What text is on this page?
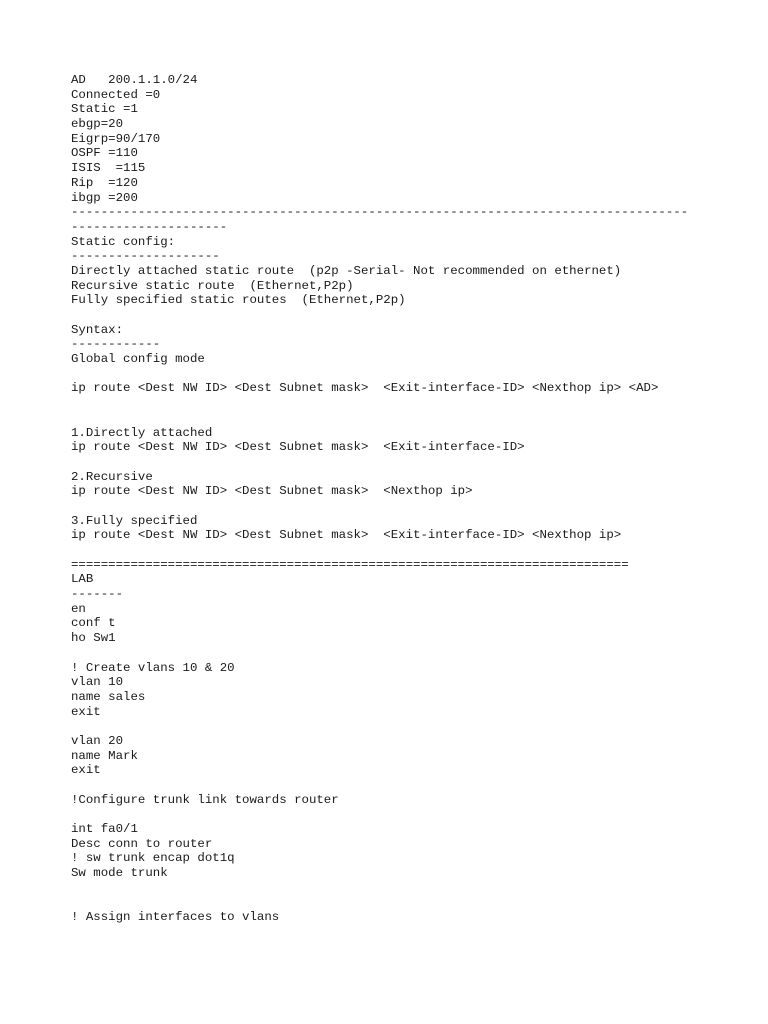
AD   200.1.1.0/24
Connected =0
Static =1
ebgp=20
Eigrp=90/170
OSPF =110
ISIS  =115
Rip  =120
ibgp =200
-----------------------------------------------------------------------------------
---------------------
Static config:
--------------------
Directly attached static route  (p2p -Serial- Not recommended on ethernet)
Recursive static route  (Ethernet,P2p)
Fully specified static routes  (Ethernet,P2p)
Syntax:
------------
Global config mode
ip route <Dest NW ID> <Dest Subnet mask>  <Exit-interface-ID> <Nexthop ip> <AD>
1.Directly attached
ip route <Dest NW ID> <Dest Subnet mask>  <Exit-interface-ID>
2.Recursive
ip route <Dest NW ID> <Dest Subnet mask>  <Nexthop ip>
3.Fully specified
ip route <Dest NW ID> <Dest Subnet mask>  <Exit-interface-ID> <Nexthop ip>
===========================================================================
LAB
-------
en
conf t
ho Sw1
! Create vlans 10 & 20
vlan 10
name sales
exit
vlan 20
name Mark
exit
!Configure trunk link towards router
int fa0/1
Desc conn to router
! sw trunk encap dot1q
Sw mode trunk
! Assign interfaces to vlans
